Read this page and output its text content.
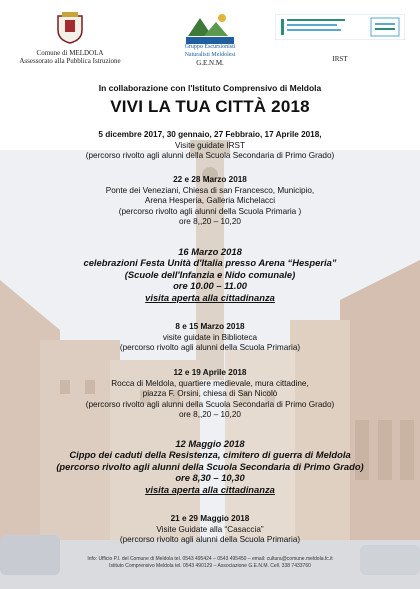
Comune di MELDOLA
Assessorato alla Pubblica Istruzione
Gruppo Escursionisti Naturalisti Meldolesi
G.E.N.M.	IRST
In collaborazione con l'Istituto Comprensivo di Meldola
VIVI LA TUA CITTÀ 2018
5 dicembre 2017, 30 gennaio, 27 Febbraio, 17 Aprile 2018,
Visite guidate IRST
(percorso rivolto agli alunni della Scuola Secondaria di Primo Grado)
22 e 28 Marzo 2018
Ponte dei Veneziani, Chiesa di san Francesco, Municipio,
Arena Hesperia, Galleria Michelacci
(percorso rivolto agli alunni della Scuola Primaria )
ore 8,,20 – 10,20
16 Marzo 2018
celebrazioni Festa Unità d'Italia presso Arena “Hesperia”
(Scuole dell'Infanzia e Nido comunale)
ore 10.00 – 11.00
visita aperta alla cittadinanza
8 e 15 Marzo 2018
visite guidate in Biblioteca
(percorso rivolto agli alunni della Scuola Primaria)
12 e 19 Aprile 2018
Rocca di Meldola, quartiere medievale, mura cittadine,
piazza F. Orsini, chiesa di San Nicolò
(percorso rivolto agli alunni della Scuola Secondaria di Primo Grado)
ore 8,,20 – 10,20
12 Maggio 2018
Cippo dei caduti della Resistenza, cimitero di guerra di Meldola
(percorso rivolto agli alunni della Scuola Secondaria di Primo Grado)
ore 8,30 – 10,30
visita aperta alla cittadinanza
21 e 29 Maggio 2018
Visite Guidate alla “Casaccia”
(percorso rivolto agli alunni della Scuola Primaria)
Info: Ufficio P.I. del Comune di Meldola tel. 0543 495424 – 0543 495450 – email: cultura@comune.meldola.fc.it
Istituto Comprensivo Meldola tel. 0543 490129 – Associazione G.E.N.M. Cell. 338 7433760
